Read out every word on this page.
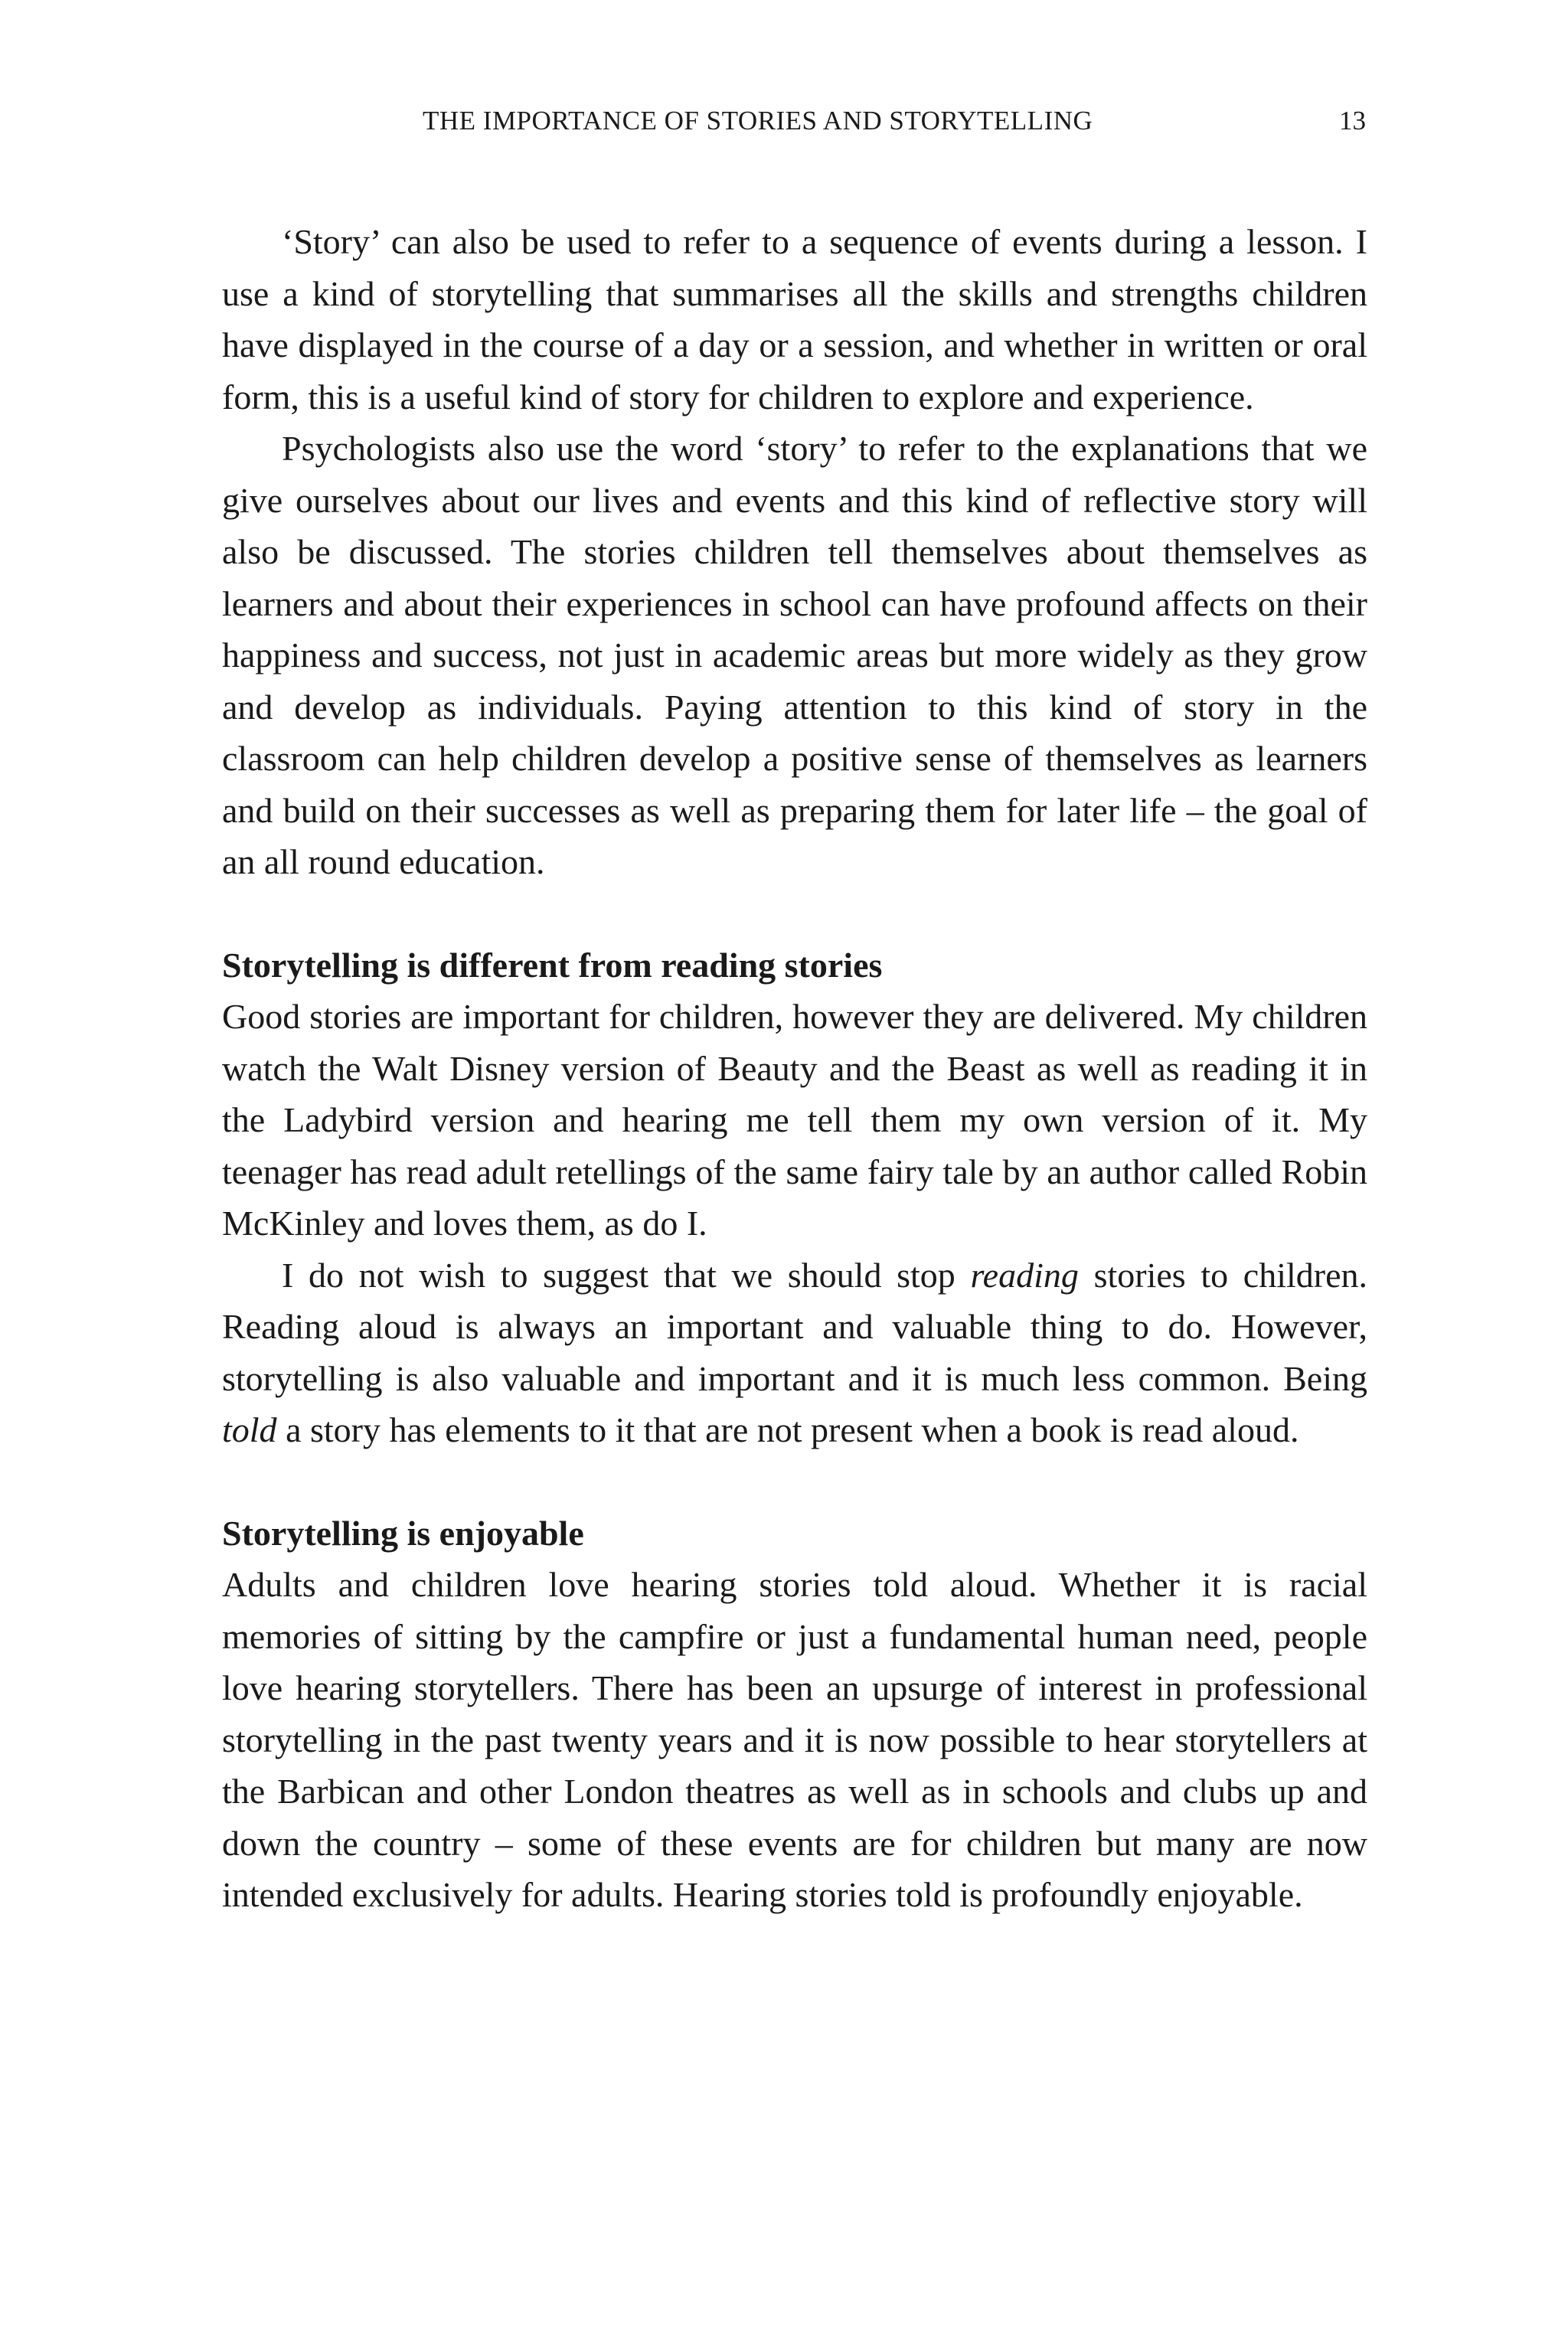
THE IMPORTANCE OF STORIES AND STORYTELLING	13

‘Story’ can also be used to refer to a sequence of events during a lesson. I use a kind of storytelling that summarises all the skills and strengths children have displayed in the course of a day or a session, and whether in written or oral form, this is a useful kind of story for children to explore and experience.

Psychologists also use the word ‘story’ to refer to the explanations that we give ourselves about our lives and events and this kind of reflective story will also be discussed. The stories children tell themselves about themselves as learners and about their experiences in school can have profound affects on their happiness and success, not just in academic areas but more widely as they grow and develop as individuals. Paying attention to this kind of story in the classroom can help children develop a positive sense of themselves as learners and build on their successes as well as preparing them for later life – the goal of an all round education.

Storytelling is different from reading stories

Good stories are important for children, however they are delivered. My children watch the Walt Disney version of Beauty and the Beast as well as reading it in the Ladybird version and hearing me tell them my own version of it. My teenager has read adult retellings of the same fairy tale by an author called Robin McKinley and loves them, as do I.

I do not wish to suggest that we should stop reading stories to children. Reading aloud is always an important and valuable thing to do. However, storytelling is also valuable and important and it is much less common. Being told a story has elements to it that are not present when a book is read aloud.

Storytelling is enjoyable

Adults and children love hearing stories told aloud. Whether it is racial memories of sitting by the campfire or just a fundamental human need, people love hearing storytellers. There has been an upsurge of interest in professional storytelling in the past twenty years and it is now possible to hear storytellers at the Barbican and other London theatres as well as in schools and clubs up and down the country – some of these events are for children but many are now intended exclusively for adults. Hearing stories told is profoundly enjoyable.
